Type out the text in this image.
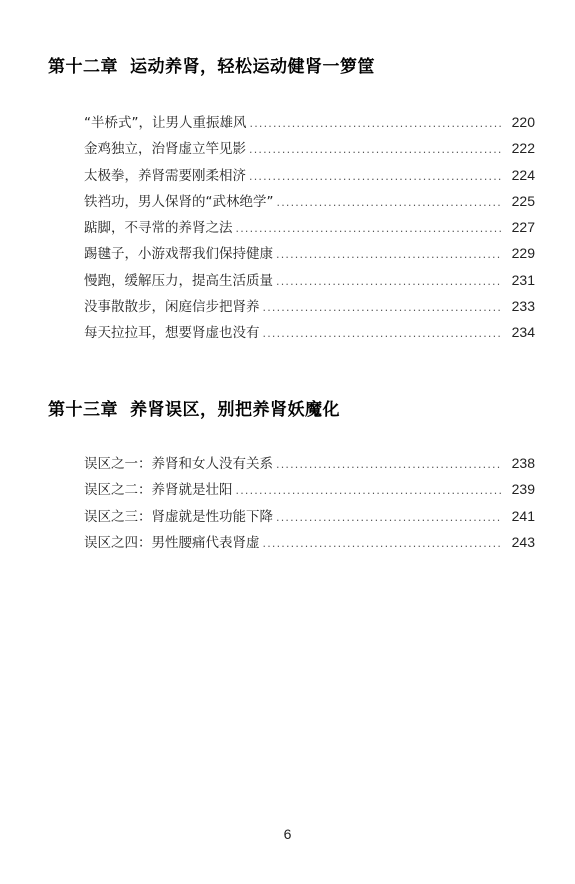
第十二章 运动养肾，轻松运动健肾一箩筐
“半桥式”，让男人重振雄风 .....	220
金鸡独立，治肾虚立竿见影 .....	222
太极拳，养肾需要刚柔相济 .....	224
铁裆功，男人保肾的“武林绝学” .....	225
踮脚，不寻常的养肾之法 .....	227
踢毽子，小游戏帮我们保持健康 .....	229
慢跑，缓解压力，提高生活质量 .....	231
没事散散步，闲庭信步把肾养 .....	233
每天拉拉耳，想要肾虚也没有 .....	234
第十三章 养肾误区，别把养肾妖魔化
误区之一：养肾和女人没有关系 .....	238
误区之二：养肾就是壮阳 .....	239
误区之三：肾虚就是性功能下降 .....	241
误区之四：男性腰痛代表肾虚 .....	243
6
